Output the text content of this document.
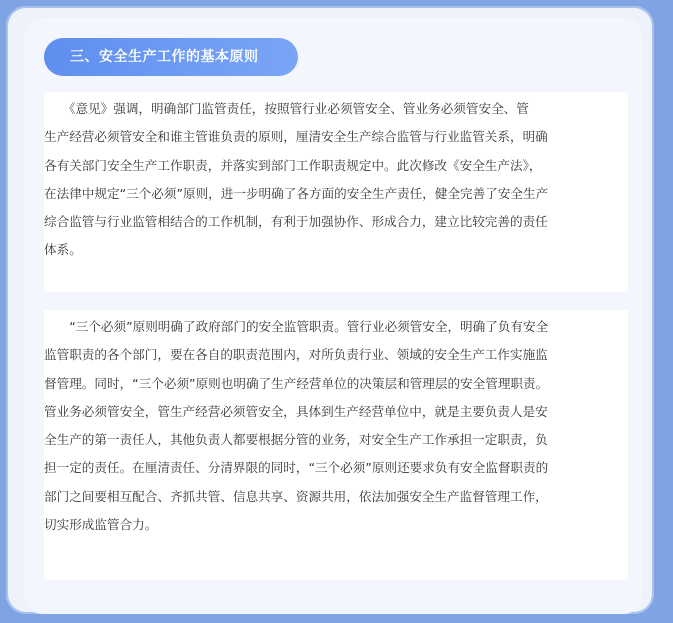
三、安全生产工作的基本原则
　　《意见》强调，明确部门监管责任，按照管行业必须管安全、管业务必须管安全、管
生产经营必须管安全和谁主管谁负责的原则，厘清安全生产综合监管与行业监管关系，明确
各有关部门安全生产工作职责，并落实到部门工作职责规定中。此次修改《安全生产法》，
在法律中规定“三个必须”原则，进一步明确了各方面的安全生产责任，健全完善了安全生产
综合监管与行业监管相结合的工作机制，有利于加强协作、形成合力，建立比较完善的责任
体系。
　　“三个必须”原则明确了政府部门的安全监管职责。管行业必须管安全，明确了负有安全
监管职责的各个部门，要在各自的职责范围内，对所负责行业、领域的安全生产工作实施监
督管理。同时，“三个必须”原则也明确了生产经营单位的决策层和管理层的安全管理职责。
管业务必须管安全，管生产经营必须管安全，具体到生产经营单位中，就是主要负责人是安
全生产的第一责任人，其他负责人都要根据分管的业务，对安全生产工作承担一定职责，负
担一定的责任。在厘清责任、分清界限的同时，“三个必须”原则还要求负有安全监督职责的
部门之间要相互配合、齐抓共管、信息共享、资源共用，依法加强安全生产监督管理工作，
切实形成监管合力。
